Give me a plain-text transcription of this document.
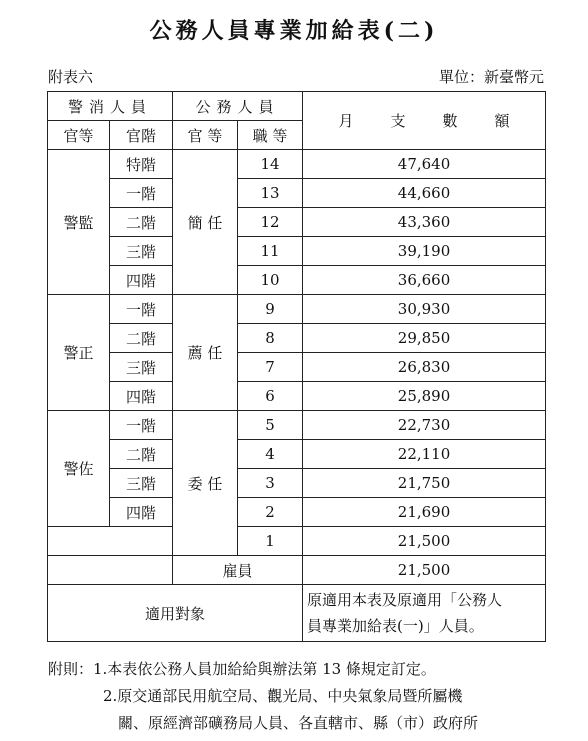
公務人員專業加給表(二)
附表六	單位：新臺幣元
警消人員		公務人員		月 支 數 額
官等	官階	官 等	職 等	
警監	特階	簡 任	14	47,640
	一階		13	44,660
	二階		12	43,360
	三階		11	39,190
	四階		10	36,660
警正	一階	薦 任	9	30,930
	二階		8	29,850
	三階		7	26,830
	四階		6	25,890
警佐	一階	委 任	5	22,730
	二階		4	22,110
	三階		3	21,750
	四階		2	21,690
			1	21,500
		雇員		21,500
適用對象				原適用本表及原適用「公務人
員專業加給表(一)」人員。
附則：1.本表依公務人員加給給與辦法第 13 條規定訂定。
2.原交通部民用航空局、觀光局、中央氣象局暨所屬機
關、原經濟部礦務局人員、各直轄市、縣（市）政府所
